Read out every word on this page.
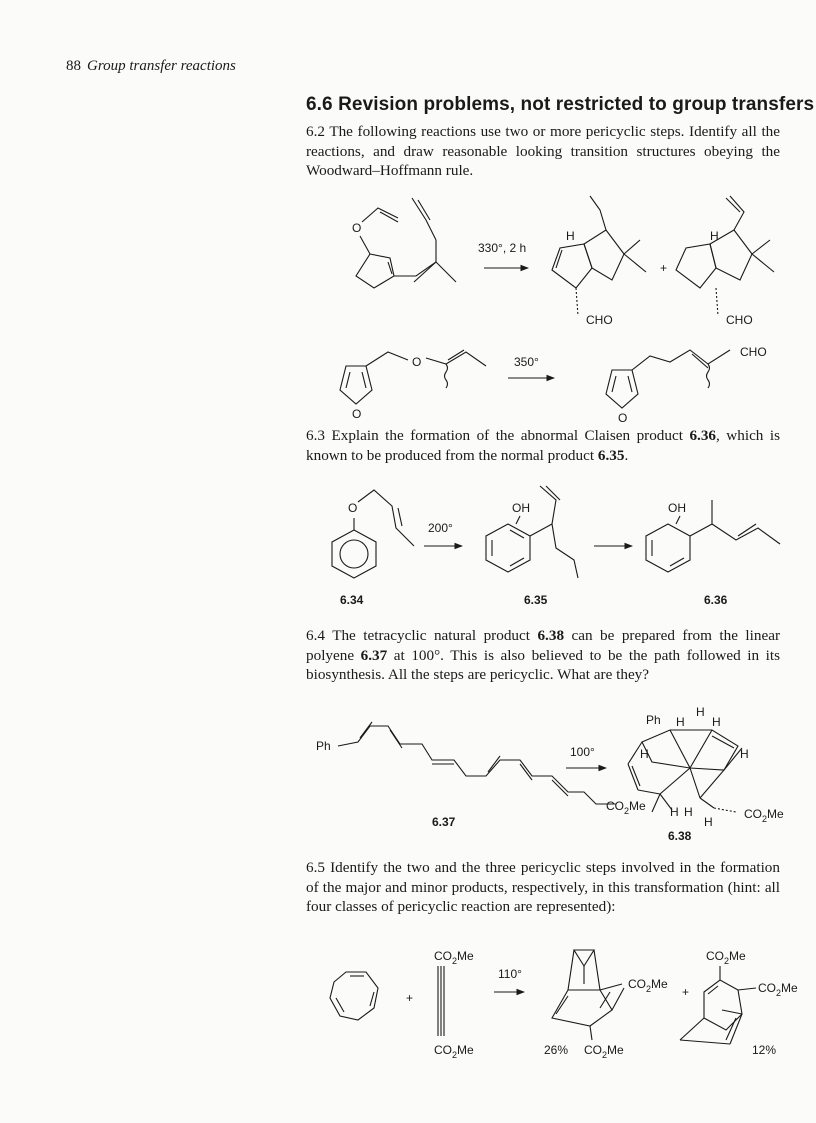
88 Group transfer reactions
6.6 Revision problems, not restricted to group transfers

6.2 The following reactions use two or more pericyclic steps. Identify all the reactions, and draw reasonable looking transition structures obeying the Woodward–Hoffmann rule.

O
330°, 2 h
H
CHO
+
H
CHO
O
O	350°
O
CHO

6.3 Explain the formation of the abnormal Claisen product 6.36, which is known to be produced from the normal product 6.35.

O
6.34
200°
OH
6.35
OH
6.36

6.4 The tetracyclic natural product 6.38 can be prepared from the linear polyene 6.37 at 100°. This is also believed to be the path followed in its biosynthesis. All the steps are pericyclic. What are they?

Ph
$CO_2Me$
6.37
100°
Ph H
H
H
H	H
H H
H
$CO_2Me$
6.38

6.5 Identify the two and the three pericyclic steps involved in the formation of the major and minor products, respectively, in this transformation (hint: all four classes of pericyclic reaction are represented):

+
$CO_2Me$
$CO_2Me$
110°
$CO_2Me$
$CO_2Me$
26%
+
$CO_2Me$
$CO_2Me$
12%
